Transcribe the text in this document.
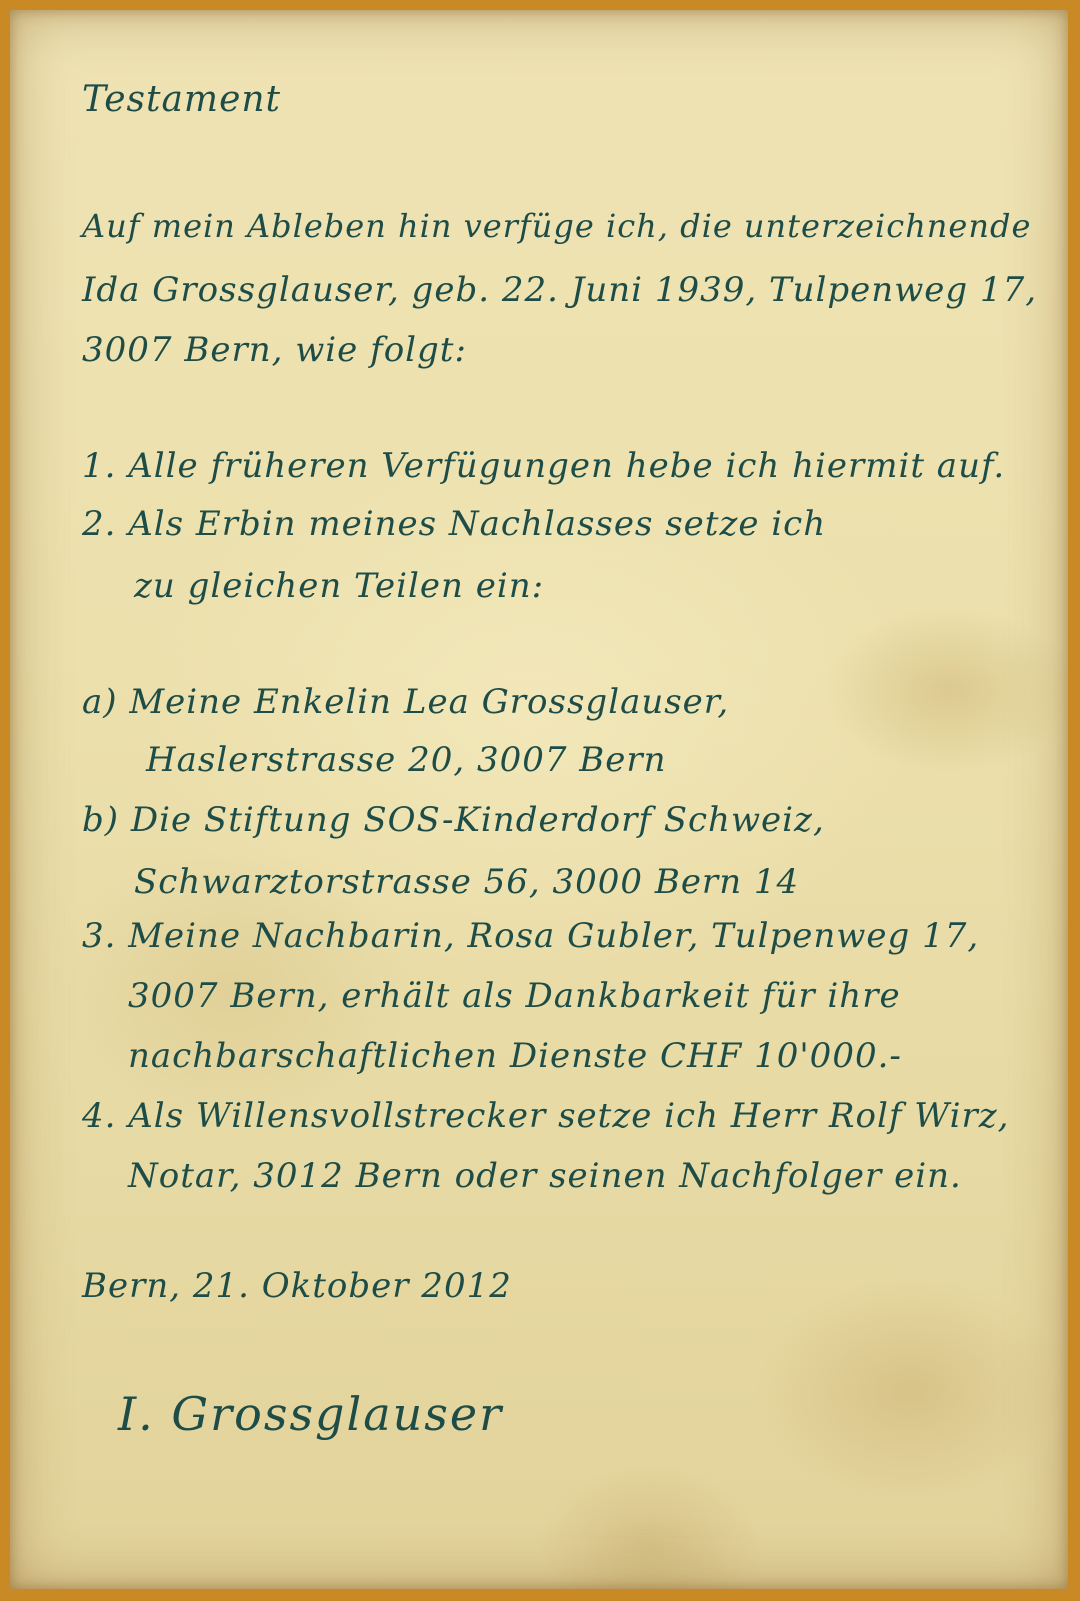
Testament
Auf mein Ableben hin verfüge ich, die unterzeichnende
Ida Grossglauser, geb. 22. Juni 1939, Tulpenweg 17,
3007 Bern, wie folgt:
1. Alle früheren Verfügungen hebe ich hiermit auf.
2. Als Erbin meines Nachlasses setze ich
zu gleichen Teilen ein:
a) Meine Enkelin Lea Grossglauser,
Haslerstrasse 20, 3007 Bern
b) Die Stiftung SOS-Kinderdorf Schweiz,
Schwarztorstrasse 56, 3000 Bern 14
3. Meine Nachbarin, Rosa Gubler, Tulpenweg 17,
3007 Bern, erhält als Dankbarkeit für ihre
nachbarschaftlichen Dienste CHF 10'000.-
4. Als Willensvollstrecker setze ich Herr Rolf Wirz,
Notar, 3012 Bern oder seinen Nachfolger ein.
Bern, 21. Oktober 2012
I. Grossglauser
